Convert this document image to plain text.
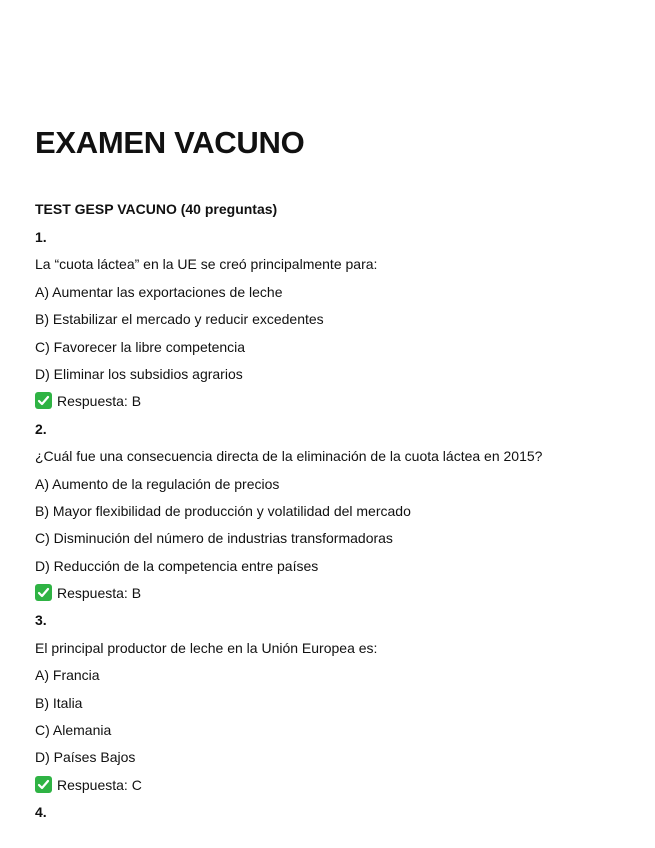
EXAMEN VACUNO
TEST GESP VACUNO (40 preguntas)
1.
La “cuota láctea” en la UE se creó principalmente para:
A) Aumentar las exportaciones de leche
B) Estabilizar el mercado y reducir excedentes
C) Favorecer la libre competencia
D) Eliminar los subsidios agrarios
Respuesta: B
2.
¿Cuál fue una consecuencia directa de la eliminación de la cuota láctea en 2015?
A) Aumento de la regulación de precios
B) Mayor flexibilidad de producción y volatilidad del mercado
C) Disminución del número de industrias transformadoras
D) Reducción de la competencia entre países
Respuesta: B
3.
El principal productor de leche en la Unión Europea es:
A) Francia
B) Italia
C) Alemania
D) Países Bajos
Respuesta: C
4.
